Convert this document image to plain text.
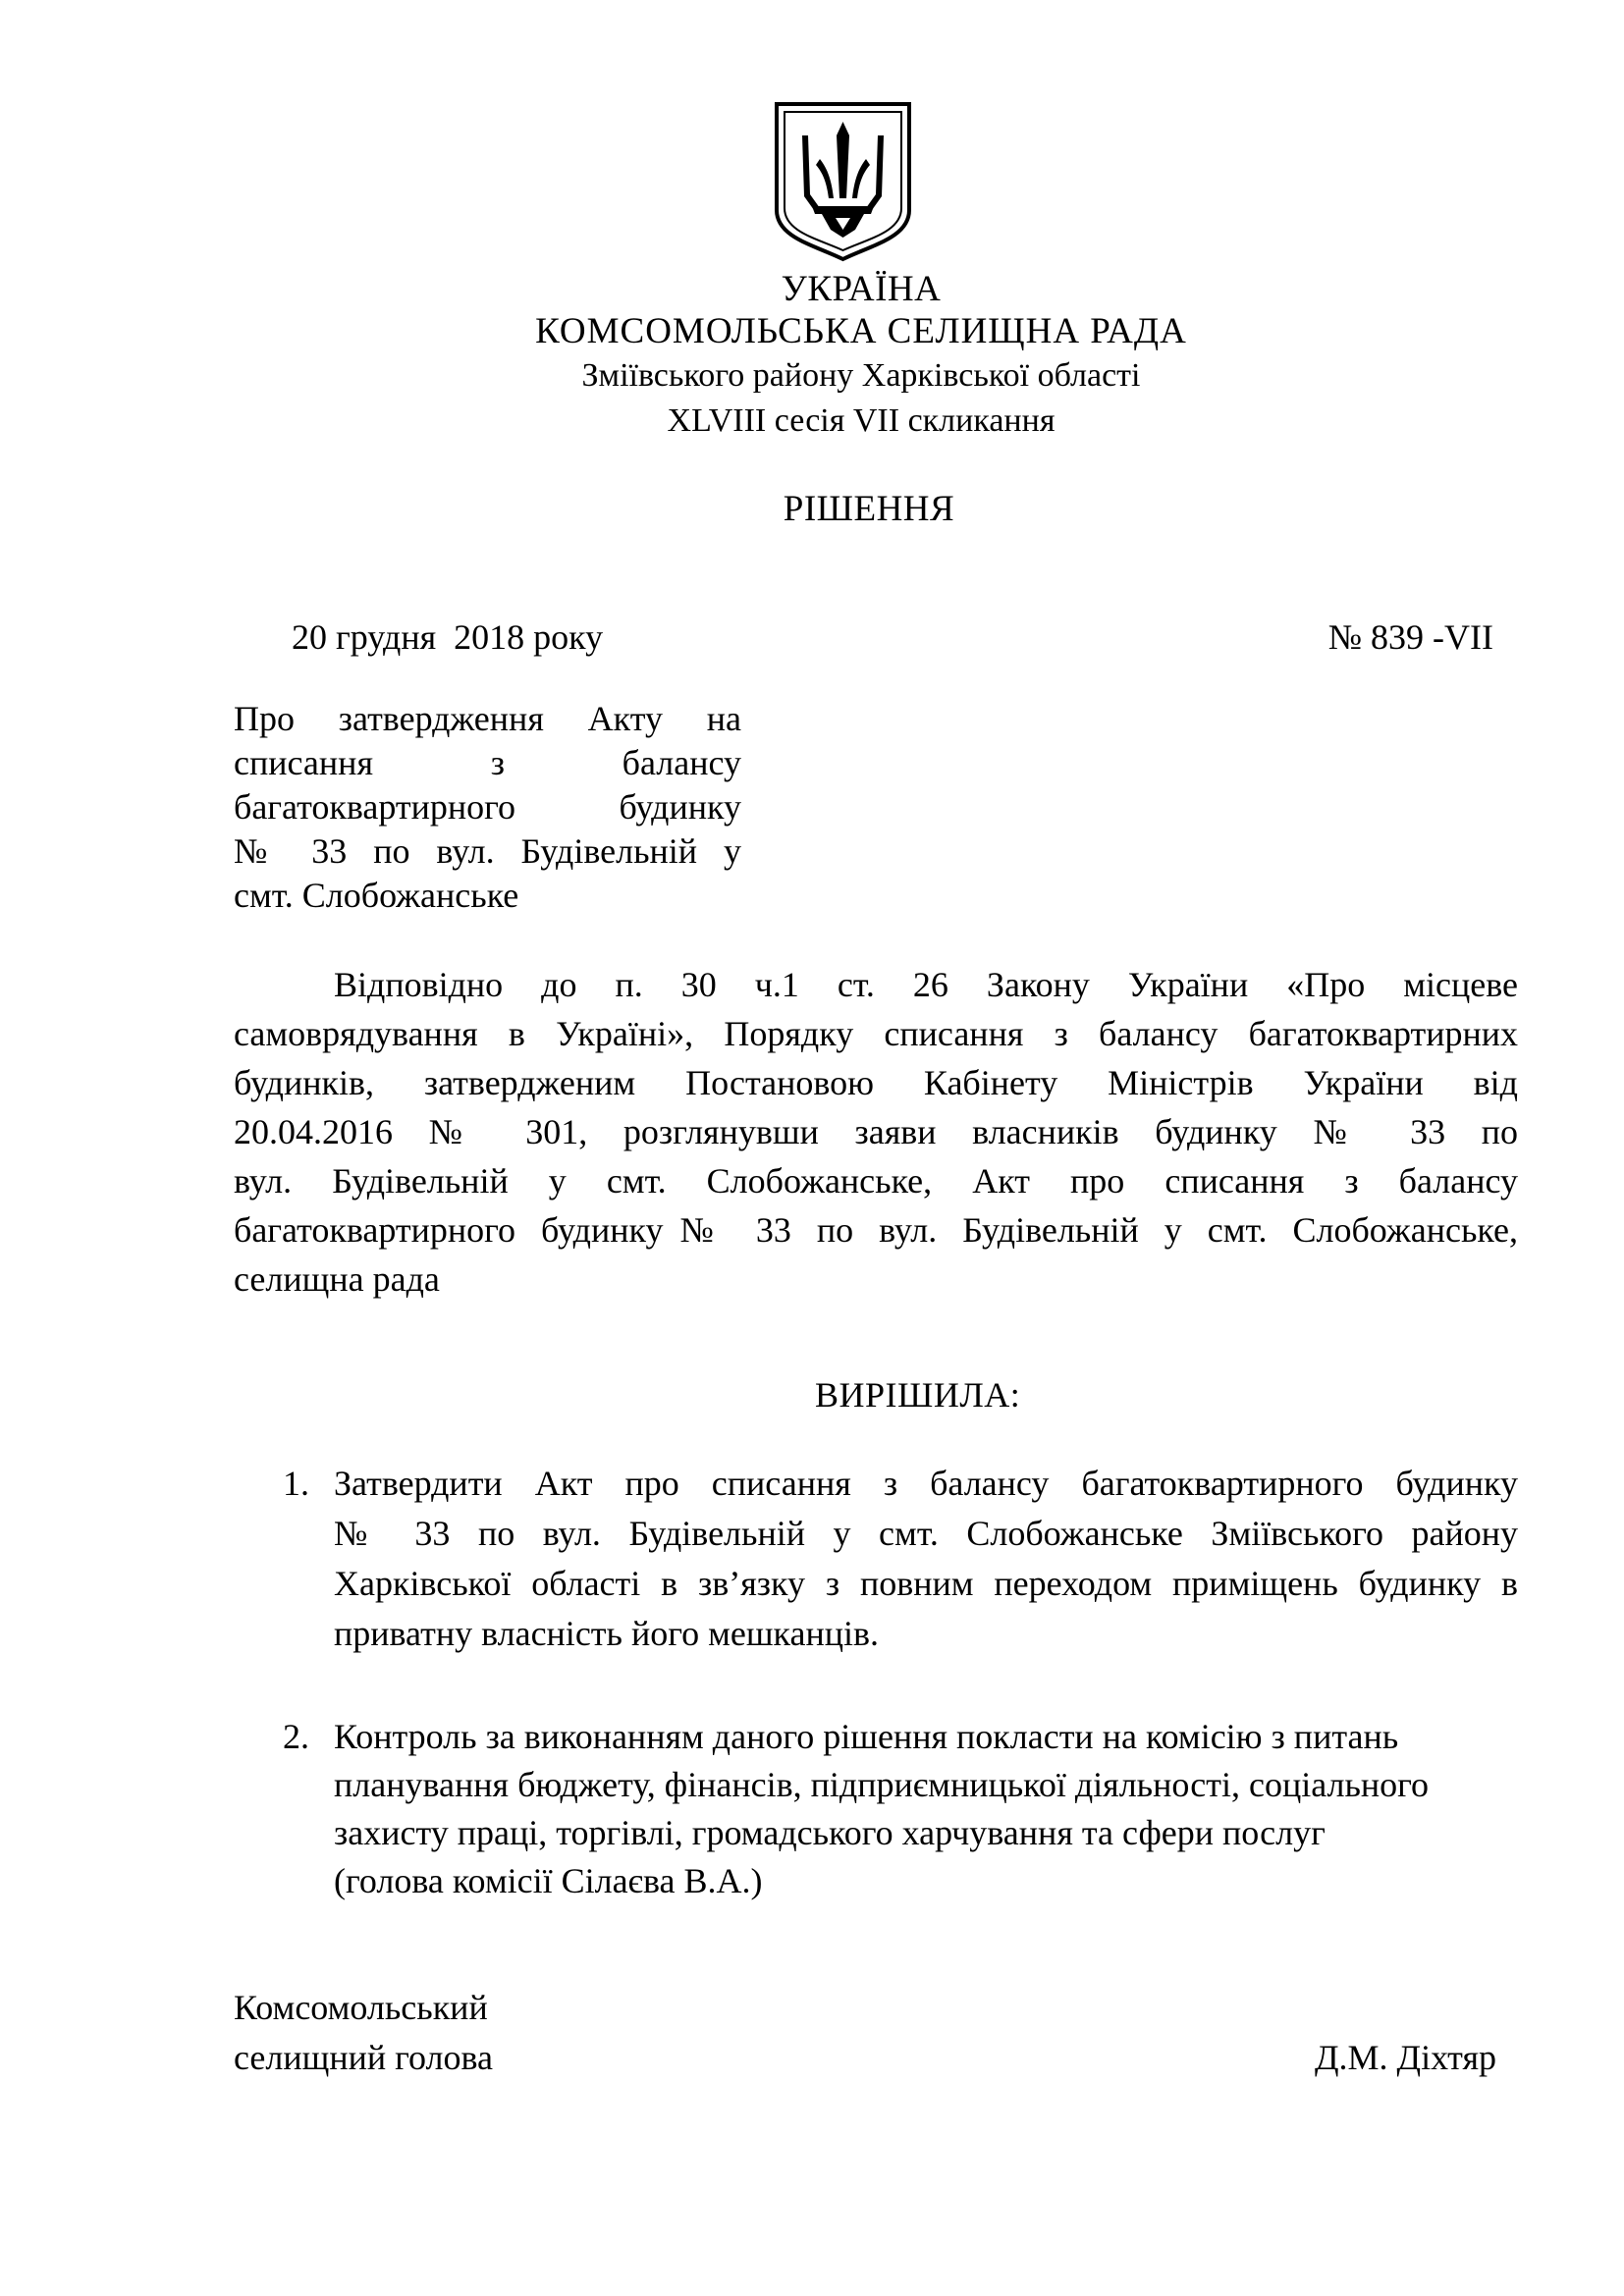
УКРАЇНА
КОМСОМОЛЬСЬКА СЕЛИЩНА РАДА
Зміївського району Харківської області
XLVIII сесія VII скликання
РІШЕННЯ
20 грудня  2018 року	№ 839 -VII
Про затвердження Акту на
списання з балансу
багатоквартирного будинку
№ 33 по вул. Будівельній у
смт. Слобожанське
Відповідно до п. 30 ч.1 ст. 26 Закону України «Про місцеве
самоврядування в Україні», Порядку списання з балансу багатоквартирних
будинків, затвердженим Постановою Кабінету Міністрів України від
20.04.2016 № 301, розглянувши заяви власників будинку № 33 по
вул. Будівельній у смт. Слобожанське, Акт про списання з балансу
багатоквартирного будинку№ 33 по вул. Будівельній у смт. Слобожанське,
селищна рада
ВИРІШИЛА:
1. Затвердити Акт про списання з балансу багатоквартирного будинку
№ 33 по вул. Будівельній у смт. Слобожанське Зміївського району
Харківської області в зв’язку з повним переходом приміщень будинку в
приватну власність його мешканців.
2. Контроль за виконанням даного рішення покласти на комісію з питань
планування бюджету, фінансів, підприємницької діяльності, соціального
захисту праці, торгівлі, громадського харчування та сфери послуг
(голова комісії Сілаєва В.А.)
Комсомольський
селищний голова	Д.М. Діхтяр
